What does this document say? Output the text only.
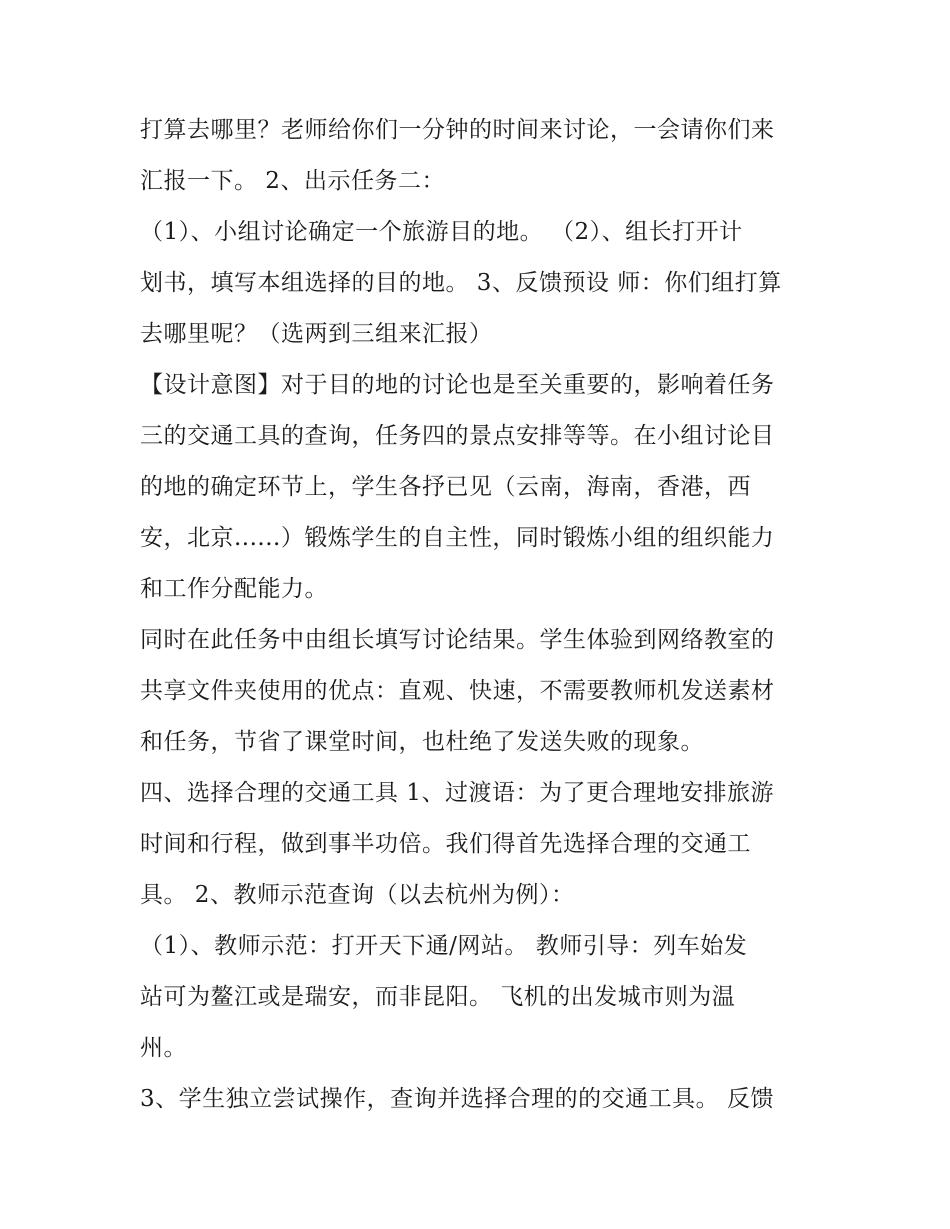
打算去哪里？老师给你们一分钟的时间来讨论，一会请你们来
汇报一下。 2、出示任务二：
（1）、小组讨论确定一个旅游目的地。 （2）、组长打开计
划书，填写本组选择的目的地。 3、反馈预设 师：你们组打算
去哪里呢？（选两到三组来汇报）
【设计意图】对于目的地的讨论也是至关重要的，影响着任务
三的交通工具的查询，任务四的景点安排等等。在小组讨论目
的地的确定环节上，学生各抒已见（云南，海南，香港，西
安，北京......）锻炼学生的自主性，同时锻炼小组的组织能力
和工作分配能力。
同时在此任务中由组长填写讨论结果。学生体验到网络教室的
共享文件夹使用的优点：直观、快速，不需要教师机发送素材
和任务，节省了课堂时间，也杜绝了发送失败的现象。
四、选择合理的交通工具 1、过渡语：为了更合理地安排旅游
时间和行程，做到事半功倍。我们得首先选择合理的交通工
具。 2、教师示范查询（以去杭州为例）：
（1）、教师示范：打开天下通/网站。 教师引导：列车始发
站可为鳌江或是瑞安，而非昆阳。 飞机的出发城市则为温
州。
3、学生独立尝试操作，查询并选择合理的的交通工具。 反馈
